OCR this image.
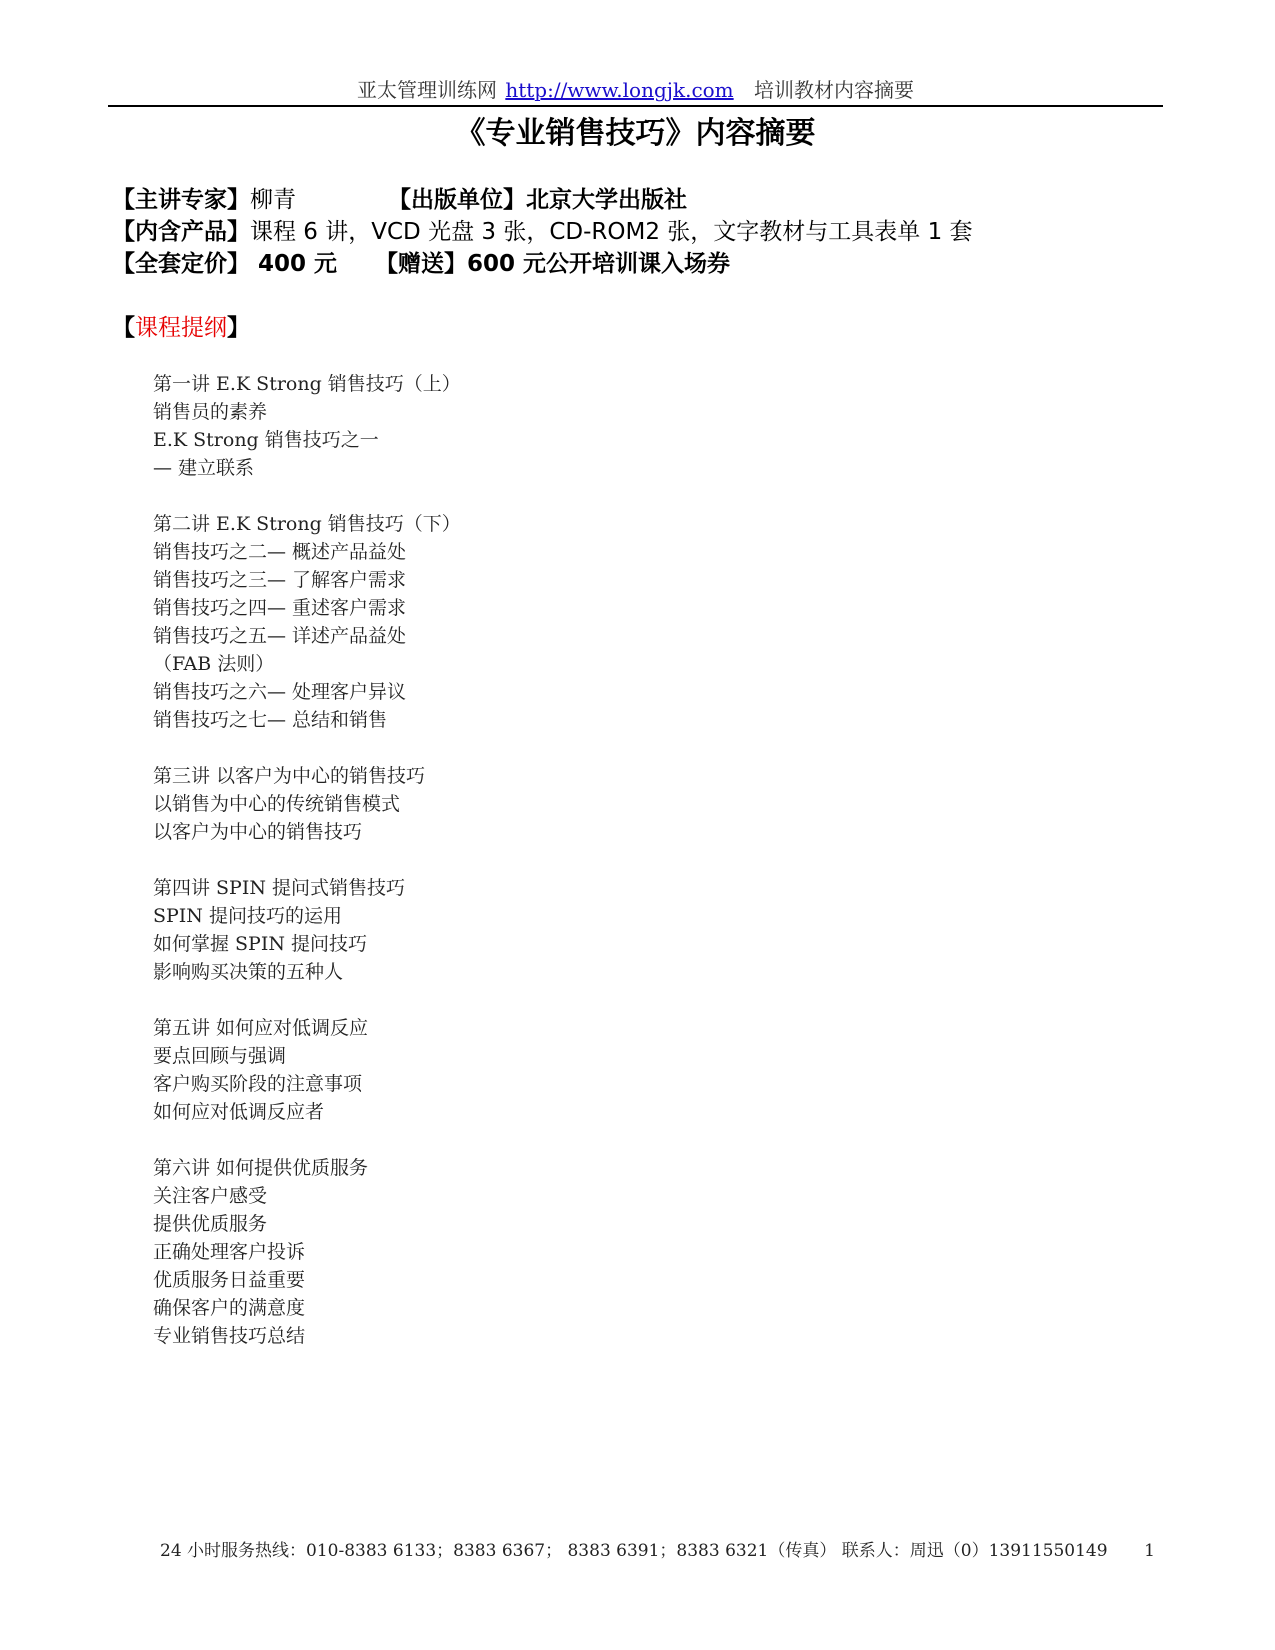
亚太管理训练网 http://www.longjk.com 培训教材内容摘要
《专业销售技巧》内容摘要
【主讲专家】柳青	【出版单位】北京大学出版社
【内含产品】课程 6 讲，VCD 光盘 3 张，CD-ROM2 张，文字教材与工具表单 1 套
【全套定价】 400 元 【赠送】600 元公开培训课入场券
【课程提纲】
第一讲 E.K Strong 销售技巧（上）
销售员的素养
E.K Strong 销售技巧之一
— 建立联系
第二讲 E.K Strong 销售技巧（下）
销售技巧之二— 概述产品益处
销售技巧之三— 了解客户需求
销售技巧之四— 重述客户需求
销售技巧之五— 详述产品益处
（FAB 法则）
销售技巧之六— 处理客户异议
销售技巧之七— 总结和销售
第三讲 以客户为中心的销售技巧
以销售为中心的传统销售模式
以客户为中心的销售技巧
第四讲 SPIN 提问式销售技巧
SPIN 提问技巧的运用
如何掌握 SPIN 提问技巧
影响购买决策的五种人
第五讲 如何应对低调反应
要点回顾与强调
客户购买阶段的注意事项
如何应对低调反应者
第六讲 如何提供优质服务
关注客户感受
提供优质服务
正确处理客户投诉
优质服务日益重要
确保客户的满意度
专业销售技巧总结
24 小时服务热线：010-8383 6133；8383 6367； 8383 6391；8383 6321（传真） 联系人：周迅（0）13911550149 1
